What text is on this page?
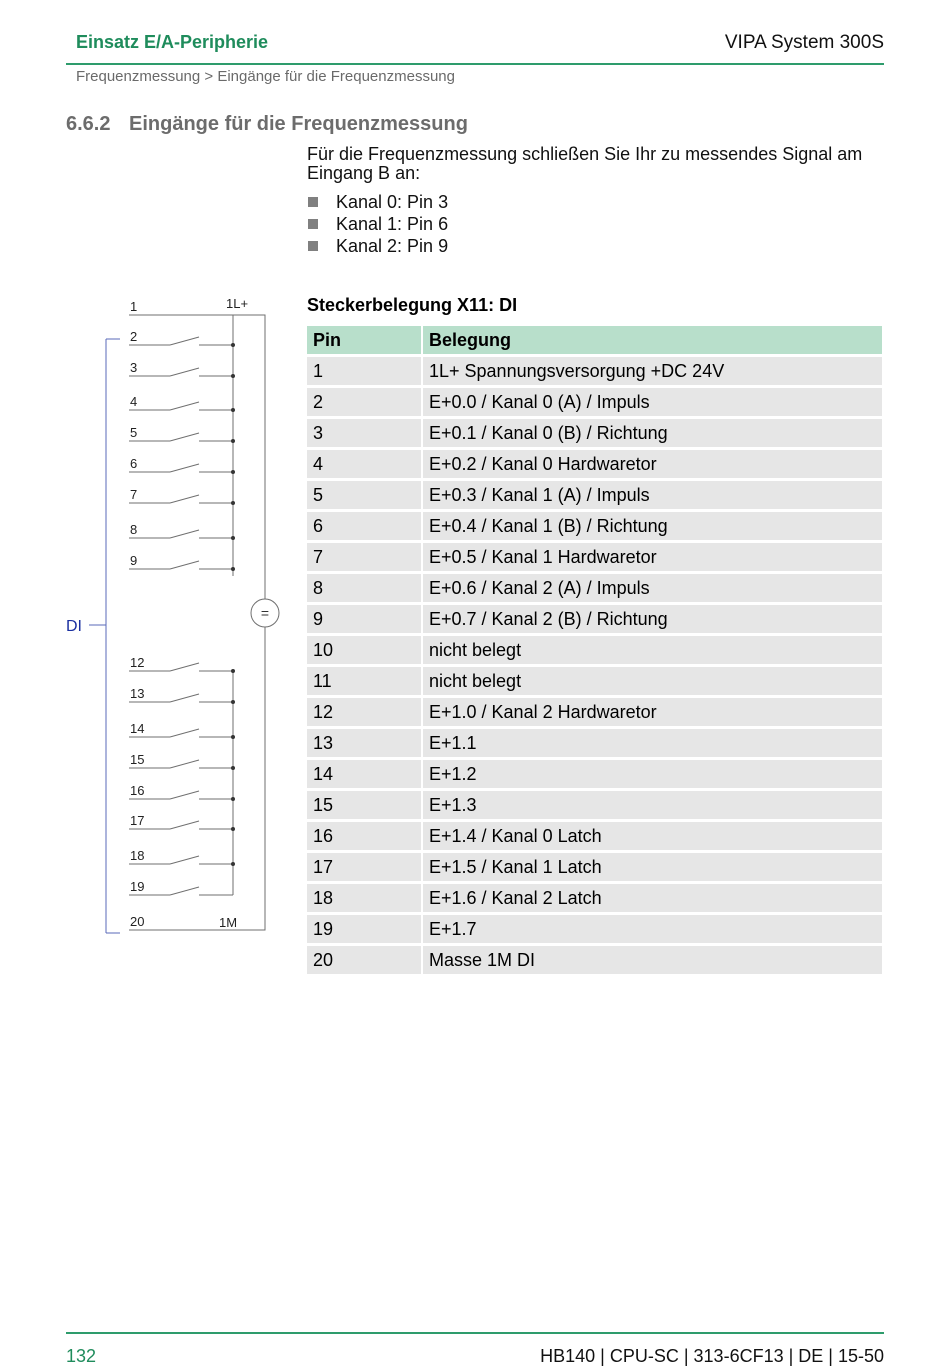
Einsatz E/A-Peripherie	VIPA System 300S
Frequenzmessung > Eingänge für die Frequenzmessung
6.6.2 Eingänge für die Frequenzmessung
Für die Frequenzmessung schließen Sie Ihr zu messendes Signal am Eingang B an:
Kanal 0: Pin 3
Kanal 1: Pin 6
Kanal 2: Pin 9
1
2
3
4
5
6
7
8
9
12
13
14
15
16
17
18
19
20
=
1L+
1M
DI
Steckerbelegung X11: DI
Pin	Belegung
1	1L+ Spannungsversorgung +DC 24V
2	E+0.0 / Kanal 0 (A) / Impuls
3	E+0.1 / Kanal 0 (B) / Richtung
4	E+0.2 / Kanal 0 Hardwaretor
5	E+0.3 / Kanal 1 (A) / Impuls
6	E+0.4 / Kanal 1 (B) / Richtung
7	E+0.5 / Kanal 1 Hardwaretor
8	E+0.6 / Kanal 2 (A) / Impuls
9	E+0.7 / Kanal 2 (B) / Richtung
10	nicht belegt
11	nicht belegt
12	E+1.0 / Kanal 2 Hardwaretor
13	E+1.1
14	E+1.2
15	E+1.3
16	E+1.4 / Kanal 0 Latch
17	E+1.5 / Kanal 1 Latch
18	E+1.6 / Kanal 2 Latch
19	E+1.7
20	Masse 1M DI
132	HB140 | CPU-SC | 313-6CF13 | DE | 15-50
